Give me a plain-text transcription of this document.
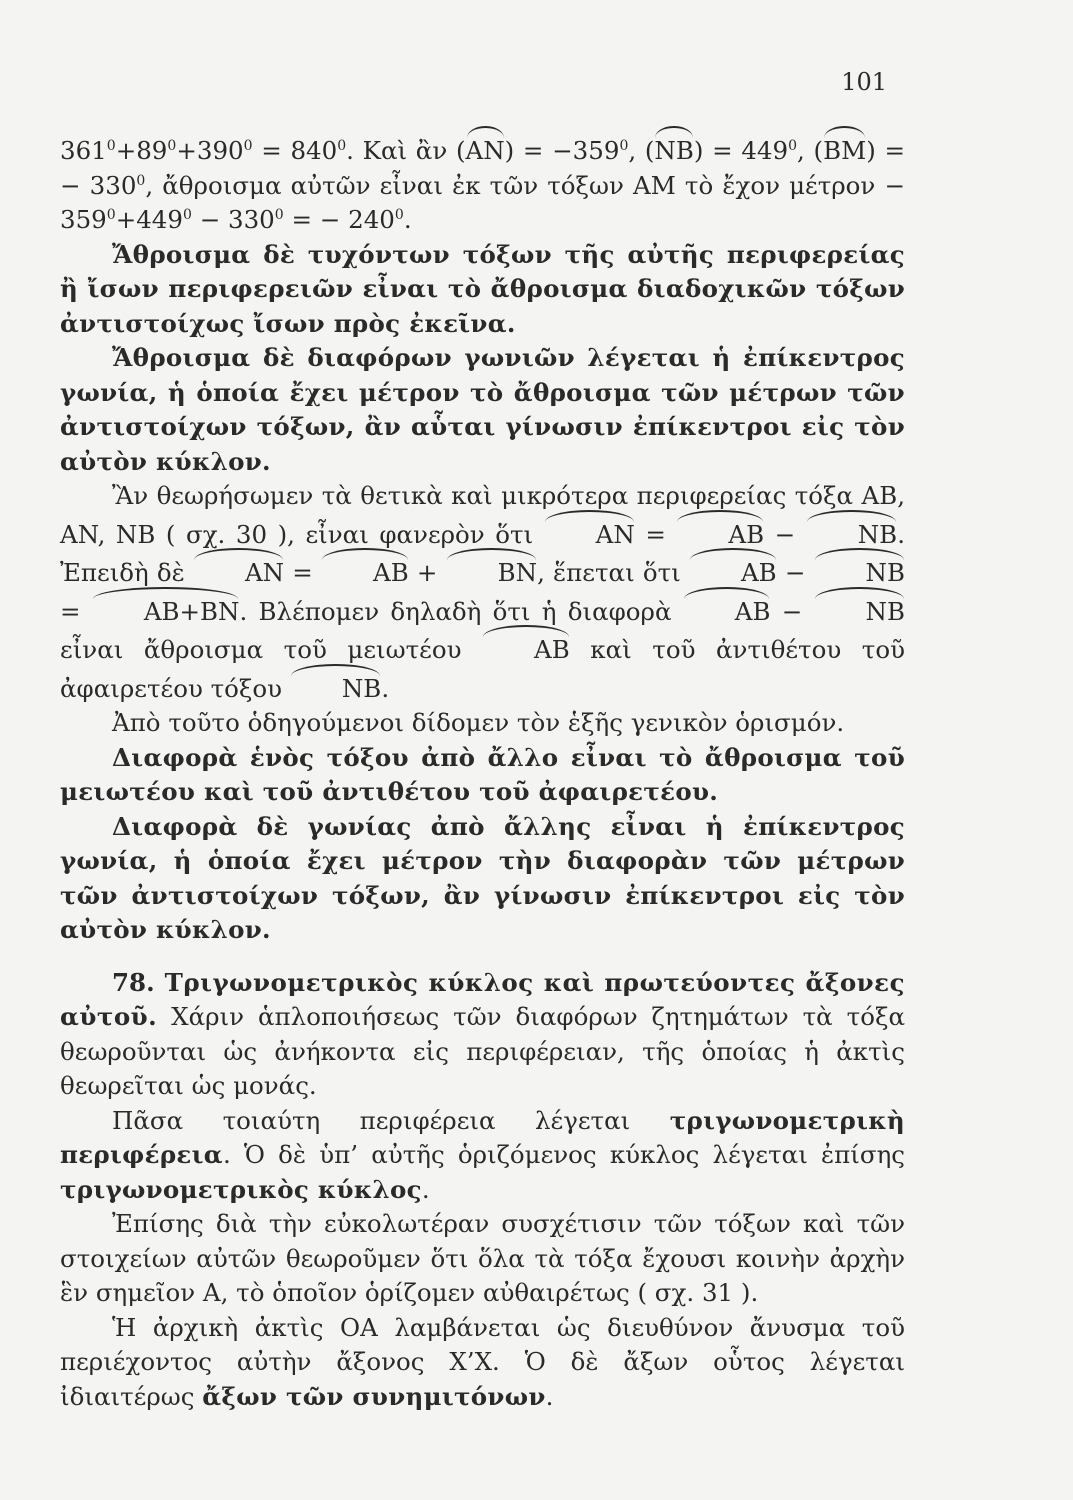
101

$361^0+89^0+390^0 = 840^0$. Καὶ ἂν $(AN) = -359^0$, $(NB) = 449^0$, (BM) = − $330^0$, ἄθροισμα αὐτῶν εἶναι ἐκ τῶν τόξων AM τὸ ἔχον $\mu έ\tau\rho o\nu - 359^0+449^0 - 330^0$ = − $240^0$.

Ἄθροισμα δὲ τυχόντων τόξων τῆς αὐτῆς περιφερείας ἢ ἴσων περιφερειῶν εἶναι τὸ ἄθροισμα διαδοχικῶν τόξων ἀντιστοίχως ἴσων πρὸς ἐκεῖνα.

Ἄθροισμα δὲ διαφόρων γωνιῶν λέγεται ἡ ἐπίκεντρος γωνία, ἡ ὁποία ἔχει μέτρον τὸ ἄθροισμα τῶν μέτρων τῶν ἀντιστοίχων τόξων, ἂν αὗται γίνωσιν ἐπίκεντροι εἰς τὸν αὐτὸν κύκλον.

Ἂν θεωρήσωμεν τὰ θετικὰ καὶ μικρότερα περιφερείας τόξα AB, AN, NB ( σχ. 30 ), εἶναι φανερὸν ὅτι AN = AB − NB. Ἐπειδὴ δὲ AN = AB + BN, ἕπεται ὅτι AB − NB = AB+BN. Βλέπομεν δηλαδὴ ὅτι ἡ διαφορὰ AB − NB εἶναι ἄθροισμα τοῦ μειωτέου AB καὶ τοῦ ἀντιθέτου τοῦ ἀφαιρετέου τόξου NB.

Ἀπὸ τοῦτο ὁδηγούμενοι δίδομεν τὸν ἑξῆς γενικὸν ὁρισμόν.

Διαφορὰ ἑνὸς τόξου ἀπὸ ἄλλο εἶναι τὸ ἄθροισμα τοῦ μειωτέου καὶ τοῦ ἀντιθέτου τοῦ ἀφαιρετέου.

Διαφορὰ δὲ γωνίας ἀπὸ ἄλλης εἶναι ἡ ἐπίκεντρος γωνία, ἡ ὁποία ἔχει μέτρον τὴν διαφορὰν τῶν μέτρων τῶν ἀντιστοίχων τόξων, ἂν γίνωσιν ἐπίκεντροι εἰς τὸν αὐτὸν κύκλον.

78. Τριγωνομετρικὸς κύκλος καὶ πρωτεύοντες ἄξονες αὐτοῦ. Χάριν ἁπλοποιήσεως τῶν διαφόρων ζητημάτων τὰ τόξα θεωροῦνται ὡς ἀνήκοντα εἰς περιφέρειαν, τῆς ὁποίας ἡ ἀκτὶς θεωρεῖται ὡς μονάς.

Πᾶσα τοιαύτη περιφέρεια λέγεται τριγωνομετρικὴ περιφέρεια. Ὁ δὲ ὑπ’ αὐτῆς ὁριζόμενος κύκλος λέγεται ἐπίσης τριγωνομετρικὸς κύκλος.

Ἐπίσης διὰ τὴν εὐκολωτέραν συσχέτισιν τῶν τόξων καὶ τῶν στοιχείων αὐτῶν θεωροῦμεν ὅτι ὅλα τὰ τόξα ἔχουσι κοινὴν ἀρχὴν ἓν σημεῖον A, τὸ ὁποῖον ὁρίζομεν αὐθαιρέτως ( σχ. 31 ).

Ἡ ἀρχικὴ ἀκτὶς OA λαμβάνεται ὡς διευθύνον ἄνυσμα τοῦ περιέχοντος αὐτὴν ἄξονος X’X. Ὁ δὲ ἄξων οὗτος λέγεται ἰδιαιτέρως ἄξων τῶν συνημιτόνων.
